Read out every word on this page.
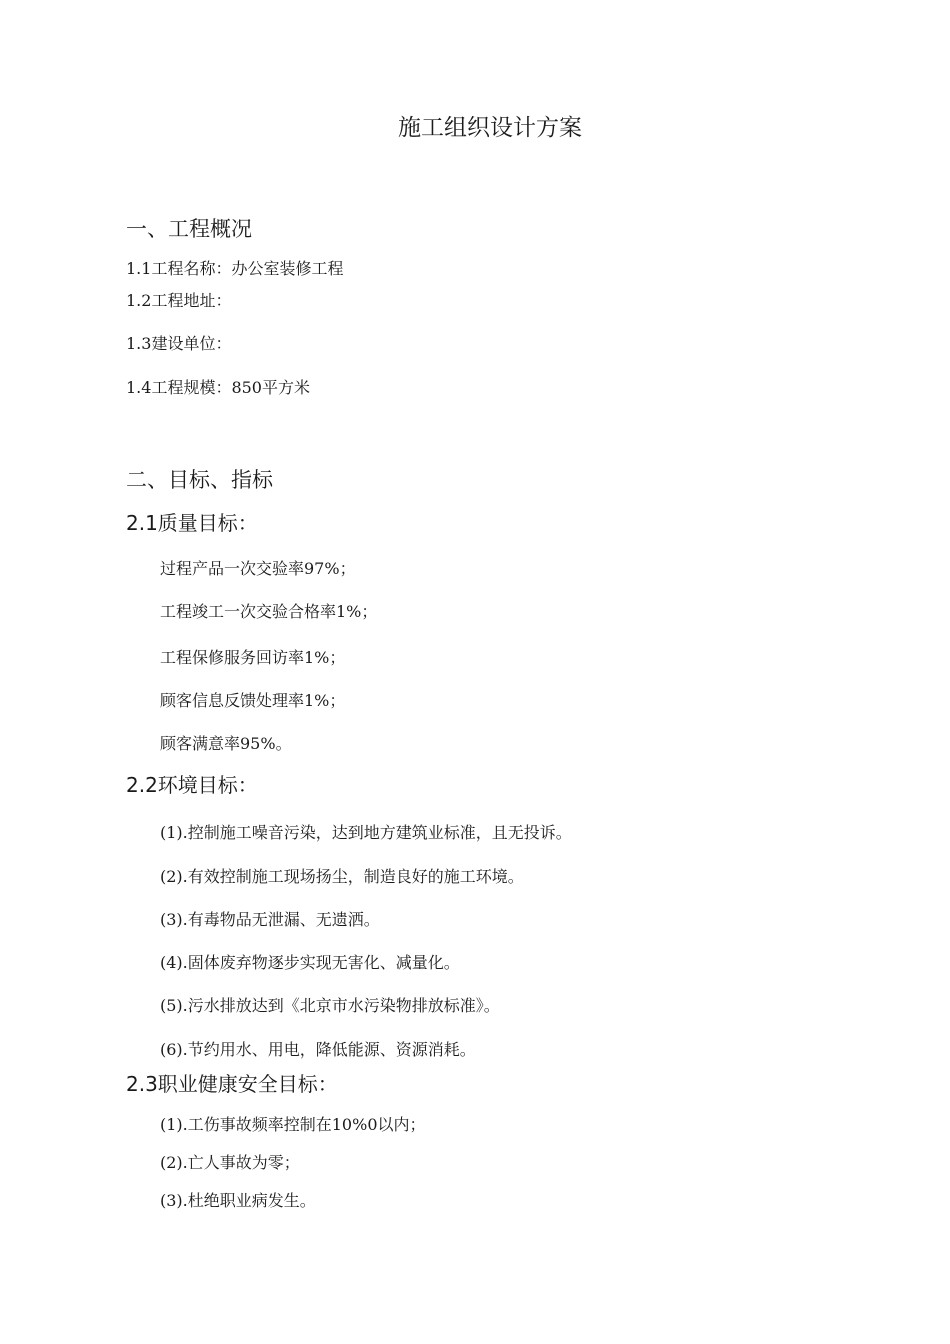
施工组织设计方案
一、工程概况
1.1工程名称：办公室装修工程
1.2工程地址：
1.3建设单位：
1.4工程规模：850平方米
二、目标、指标
2.1质量目标：
过程产品一次交验率97%；
工程竣工一次交验合格率1%；
工程保修服务回访率1%；
顾客信息反馈处理率1%；
顾客满意率95%。
2.2环境目标：
(1).控制施工噪音污染，达到地方建筑业标准，且无投诉。
(2).有效控制施工现场扬尘，制造良好的施工环境。
(3).有毒物品无泄漏、无遗洒。
(4).固体废弃物逐步实现无害化、减量化。
(5).污水排放达到《北京市水污染物排放标准》。
(6).节约用水、用电，降低能源、资源消耗。
2.3职业健康安全目标：
(1).工伤事故频率控制在10%0以内；
(2).亡人事故为零；
(3).杜绝职业病发生。
